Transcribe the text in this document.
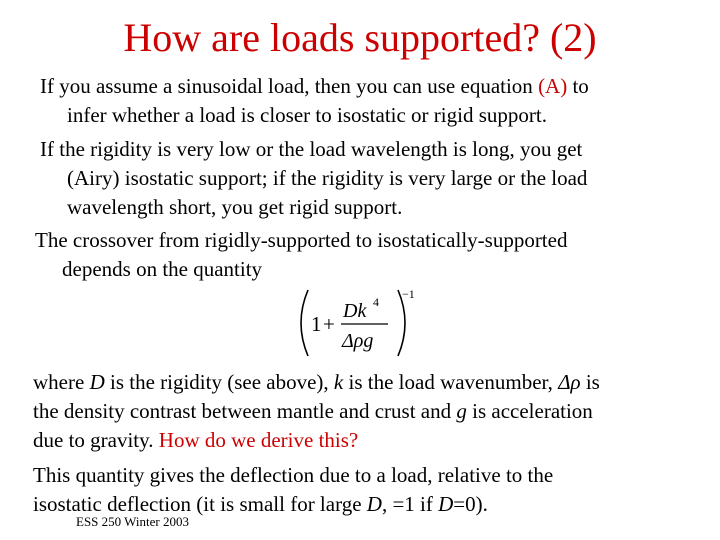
How are loads supported? (2)
If you assume a sinusoidal load, then you can use equation (A) to
infer whether a load is closer to isostatic or rigid support.
If the rigidity is very low or the load wavelength is long, you get
(Airy) isostatic support; if the rigidity is very large or the load
wavelength short, you get rigid support.
The crossover from rigidly-supported to isostatically-supported
depends on the quantity
1 +
Dk 4
Δρg
−1
where D is the rigidity (see above), k is the load wavenumber, Δρ is
the density contrast between mantle and crust and g is acceleration
due to gravity. How do we derive this?
This quantity gives the deflection due to a load, relative to the
isostatic deflection (it is small for large D, =1 if D=0).
ESS 250 Winter 2003
